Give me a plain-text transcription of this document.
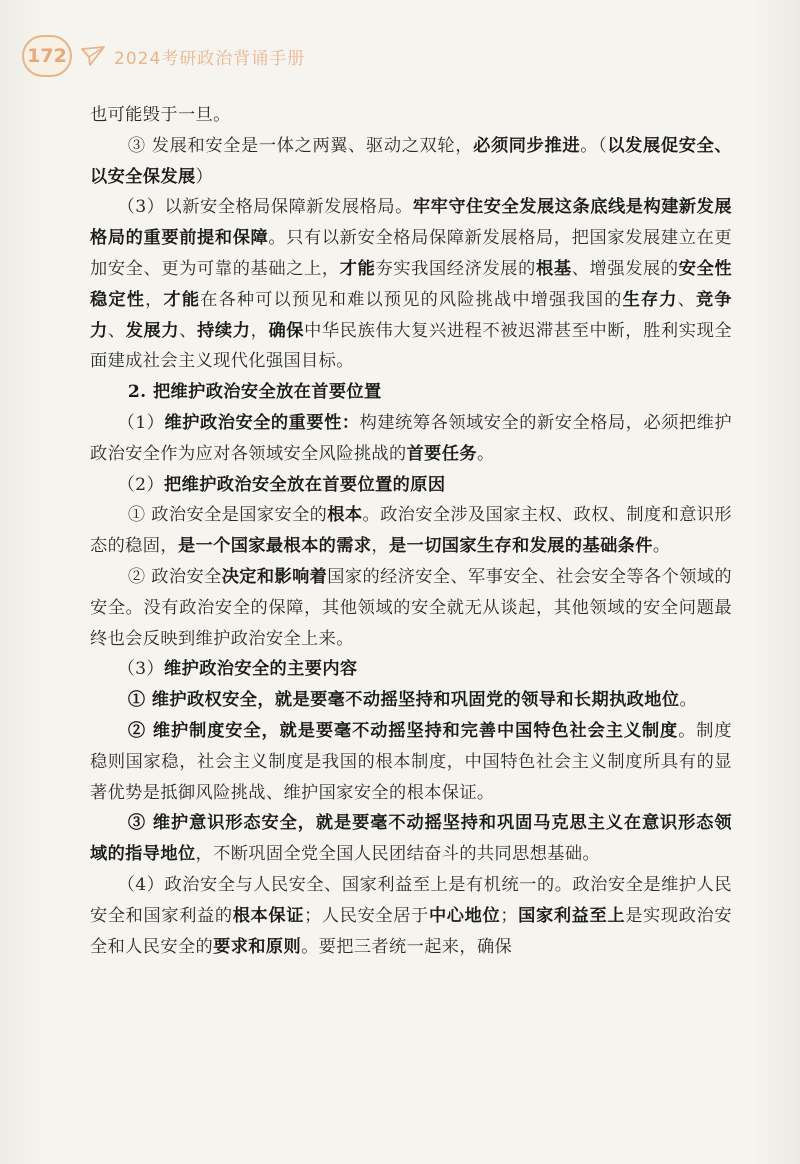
172	2024考研政治背诵手册

也可能毁于一旦。

③ 发展和安全是一体之两翼、驱动之双轮，必须同步推进。（以发展促安全、以安全保发展）

（3）以新安全格局保障新发展格局。牢牢守住安全发展这条底线是构建新发展格局的重要前提和保障。只有以新安全格局保障新发展格局，把国家发展建立在更加安全、更为可靠的基础之上，才能夯实我国经济发展的根基、增强发展的安全性稳定性，才能在各种可以预见和难以预见的风险挑战中增强我国的生存力、竞争力、发展力、持续力，确保中华民族伟大复兴进程不被迟滞甚至中断，胜利实现全面建成社会主义现代化强国目标。

2. 把维护政治安全放在首要位置

（1）维护政治安全的重要性：构建统筹各领域安全的新安全格局，必须把维护政治安全作为应对各领域安全风险挑战的首要任务。

（2）把维护政治安全放在首要位置的原因

① 政治安全是国家安全的根本。政治安全涉及国家主权、政权、制度和意识形态的稳固，是一个国家最根本的需求，是一切国家生存和发展的基础条件。

② 政治安全决定和影响着国家的经济安全、军事安全、社会安全等各个领域的安全。没有政治安全的保障，其他领域的安全就无从谈起，其他领域的安全问题最终也会反映到维护政治安全上来。

（3）维护政治安全的主要内容

① 维护政权安全，就是要毫不动摇坚持和巩固党的领导和长期执政地位。

② 维护制度安全，就是要毫不动摇坚持和完善中国特色社会主义制度。制度稳则国家稳，社会主义制度是我国的根本制度，中国特色社会主义制度所具有的显著优势是抵御风险挑战、维护国家安全的根本保证。

③ 维护意识形态安全，就是要毫不动摇坚持和巩固马克思主义在意识形态领域的指导地位，不断巩固全党全国人民团结奋斗的共同思想基础。

（4）政治安全与人民安全、国家利益至上是有机统一的。政治安全是维护人民安全和国家利益的根本保证；人民安全居于中心地位；国家利益至上是实现政治安全和人民安全的要求和原则。要把三者统一起来，确保
